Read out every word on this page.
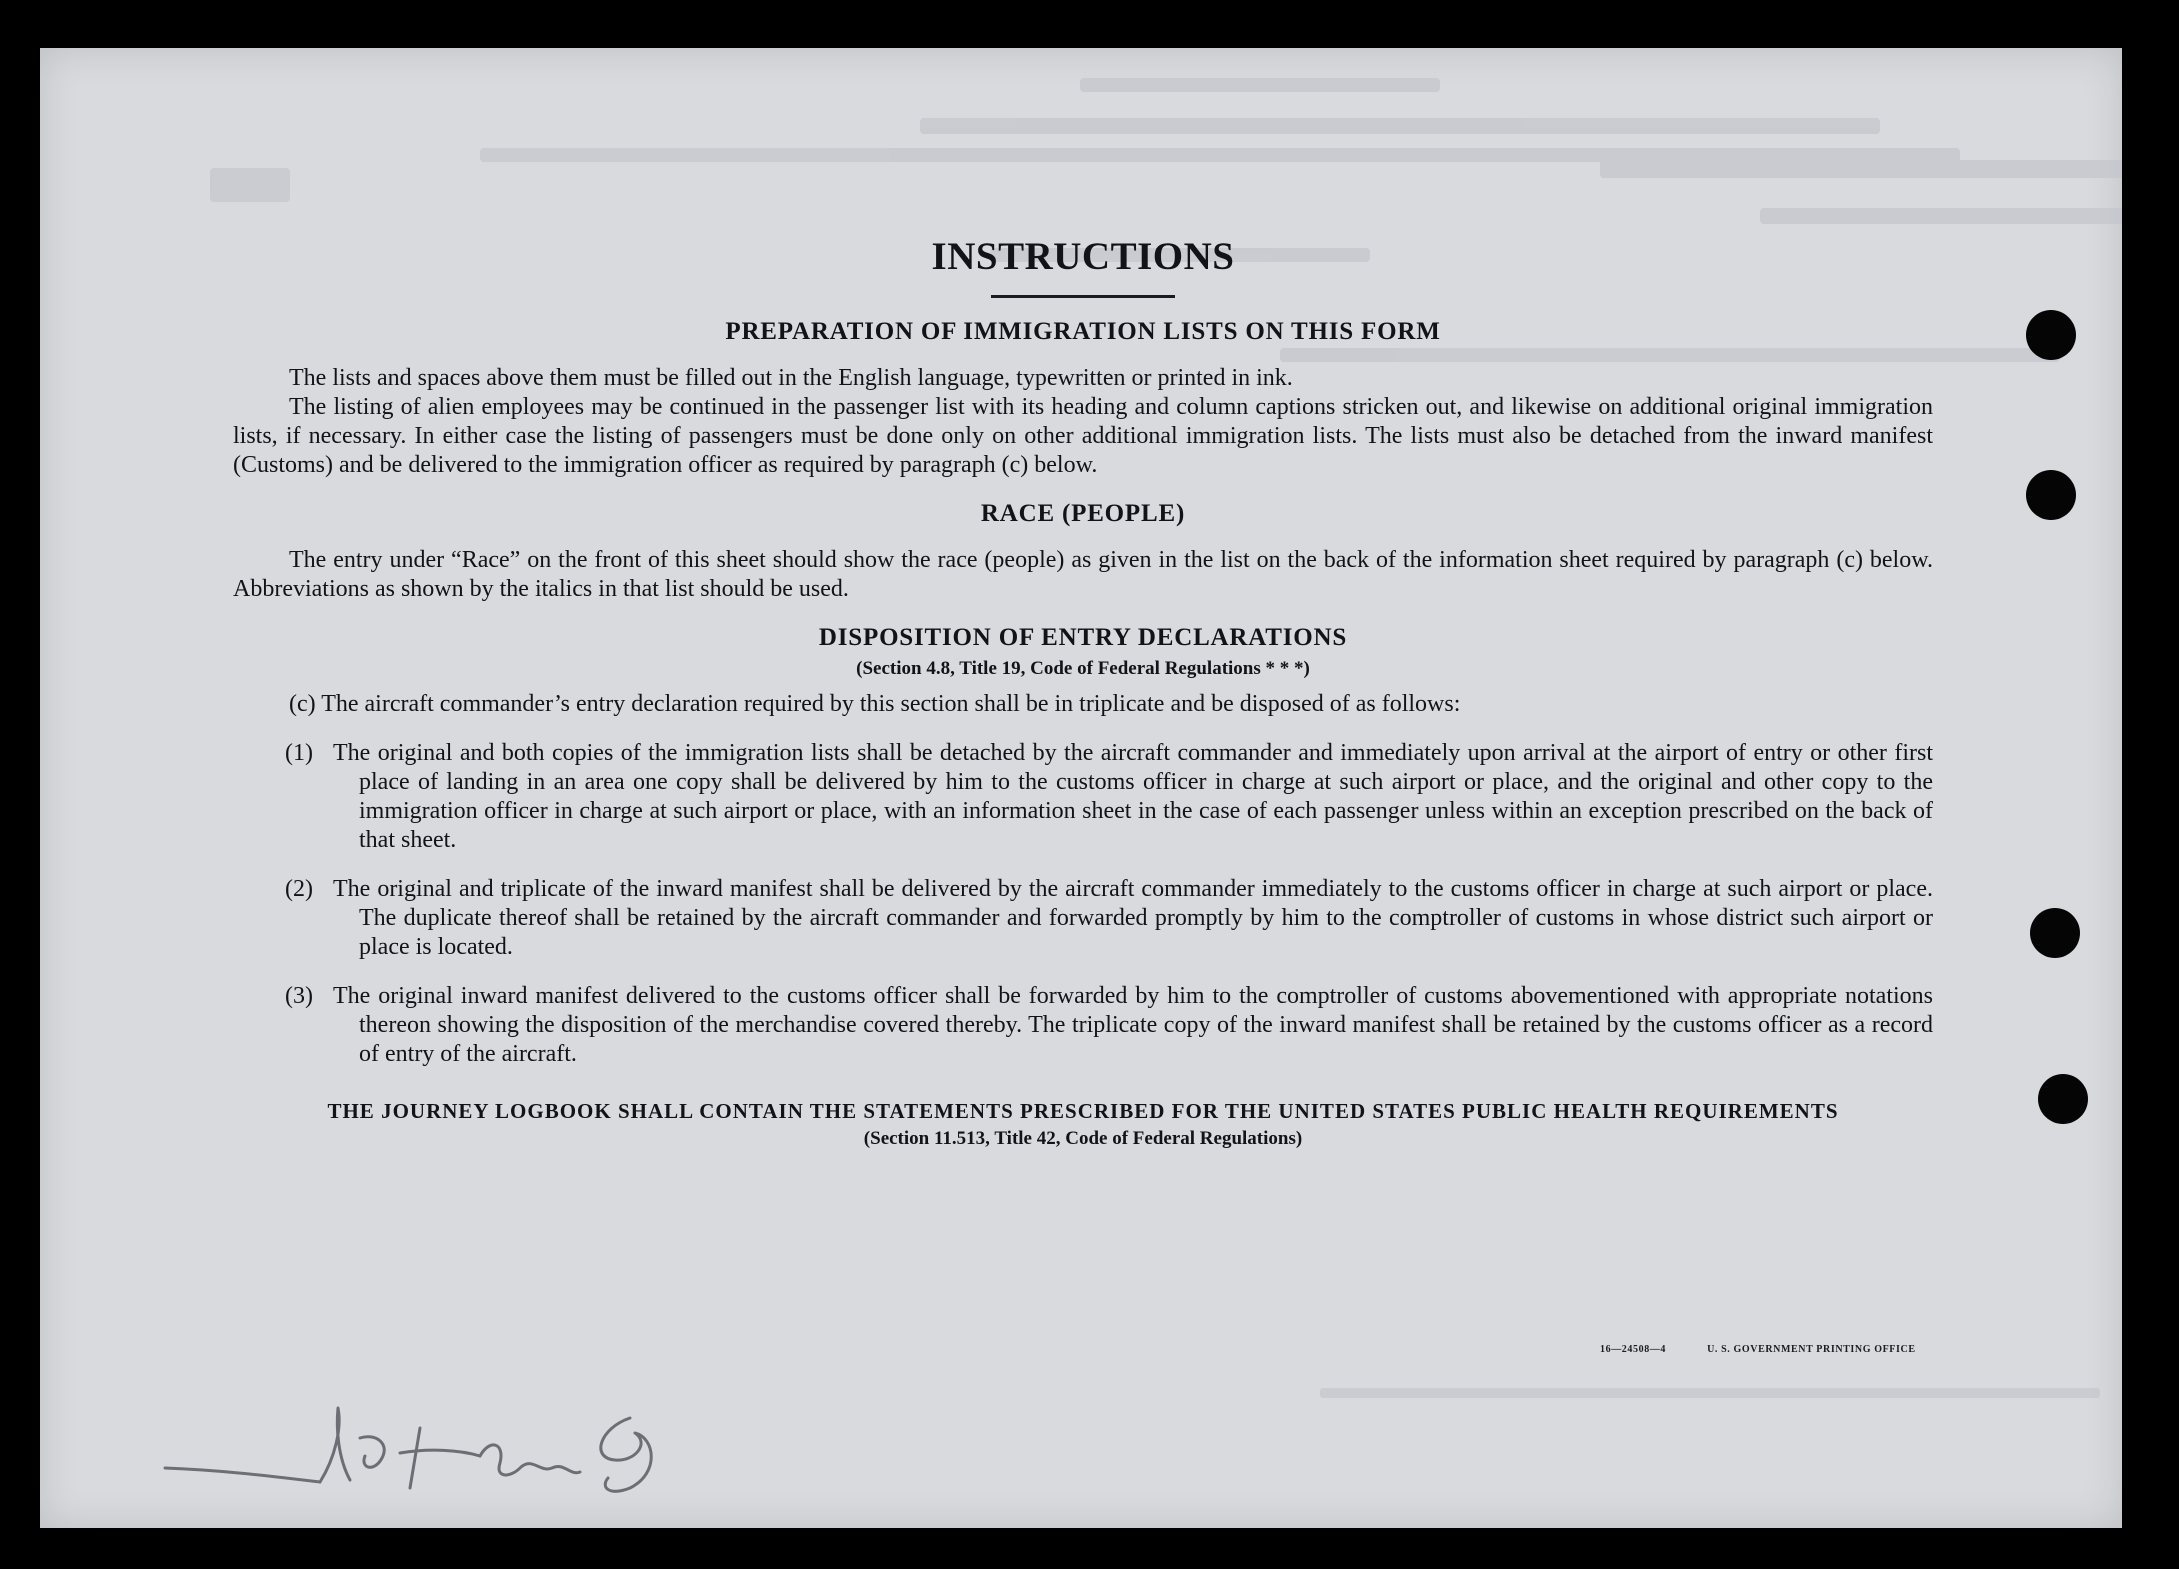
INSTRUCTIONS
PREPARATION OF IMMIGRATION LISTS ON THIS FORM

The lists and spaces above them must be filled out in the English language, typewritten or printed in ink.

The listing of alien employees may be continued in the passenger list with its heading and column captions stricken out, and likewise on additional original immigration lists, if necessary. In either case the listing of passengers must be done only on other additional immigration lists. The lists must also be detached from the inward manifest (Customs) and be delivered to the immigration officer as required by paragraph (c) below.

RACE (PEOPLE)

The entry under “Race” on the front of this sheet should show the race (people) as given in the list on the back of the information sheet required by paragraph (c) below. Abbreviations as shown by the italics in that list should be used.

DISPOSITION OF ENTRY DECLARATIONS
(Section 4.8, Title 19, Code of Federal Regulations * * *)

(c) The aircraft commander’s entry declaration required by this section shall be in triplicate and be disposed of as follows:

(1) The original and both copies of the immigration lists shall be detached by the aircraft commander and immediately upon arrival at the airport of entry or other first place of landing in an area one copy shall be delivered by him to the customs officer in charge at such airport or place, and the original and other copy to the immigration officer in charge at such airport or place, with an information sheet in the case of each passenger unless within an exception prescribed on the back of that sheet.

(2) The original and triplicate of the inward manifest shall be delivered by the aircraft commander immediately to the customs officer in charge at such airport or place. The duplicate thereof shall be retained by the aircraft commander and forwarded promptly by him to the comptroller of customs in whose district such airport or place is located.

(3) The original inward manifest delivered to the customs officer shall be forwarded by him to the comptroller of customs abovementioned with appropriate notations thereon showing the disposition of the merchandise covered thereby. The triplicate copy of the inward manifest shall be retained by the customs officer as a record of entry of the aircraft.

THE JOURNEY LOGBOOK SHALL CONTAIN THE STATEMENTS PRESCRIBED FOR THE UNITED STATES PUBLIC HEALTH REQUIREMENTS
(Section 11.513, Title 42, Code of Federal Regulations)
16—24508—4	U. S. GOVERNMENT PRINTING OFFICE
